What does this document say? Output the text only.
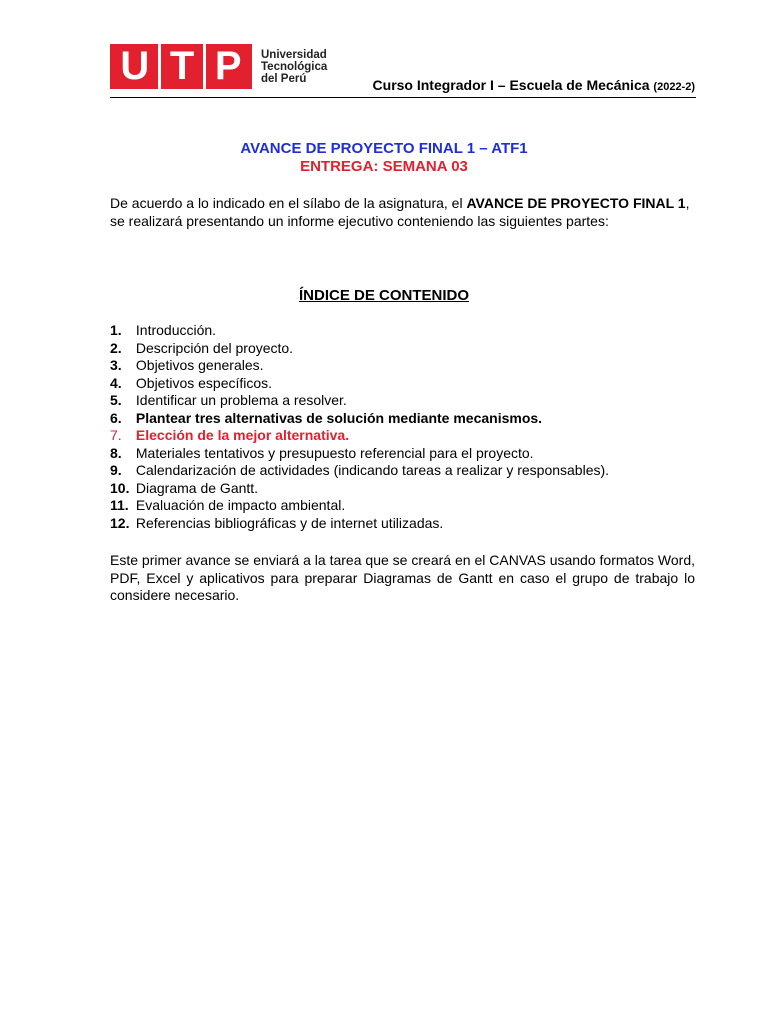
U T P Universidad
Tecnológica
del Perú	Curso Integrador I – Escuela de Mecánica (2022-2)
AVANCE DE PROYECTO FINAL 1 – ATF1
ENTREGA: SEMANA 03

De acuerdo a lo indicado en el sílabo de la asignatura, el AVANCE DE PROYECTO FINAL 1, se realizará presentando un informe ejecutivo conteniendo las siguientes partes:

ÍNDICE DE CONTENIDO
1. Introducción.
2. Descripción del proyecto.
3. Objetivos generales.
4. Objetivos específicos.
5. Identificar un problema a resolver.
6. Plantear tres alternativas de solución mediante mecanismos.
7. Elección de la mejor alternativa.
8. Materiales tentativos y presupuesto referencial para el proyecto.
9. Calendarización de actividades (indicando tareas a realizar y responsables).
10. Diagrama de Gantt.
11. Evaluación de impacto ambiental.
12. Referencias bibliográficas y de internet utilizadas.

Este primer avance se enviará a la tarea que se creará en el CANVAS usando formatos Word, PDF, Excel y aplicativos para preparar Diagramas de Gantt en caso el grupo de trabajo lo considere necesario.
